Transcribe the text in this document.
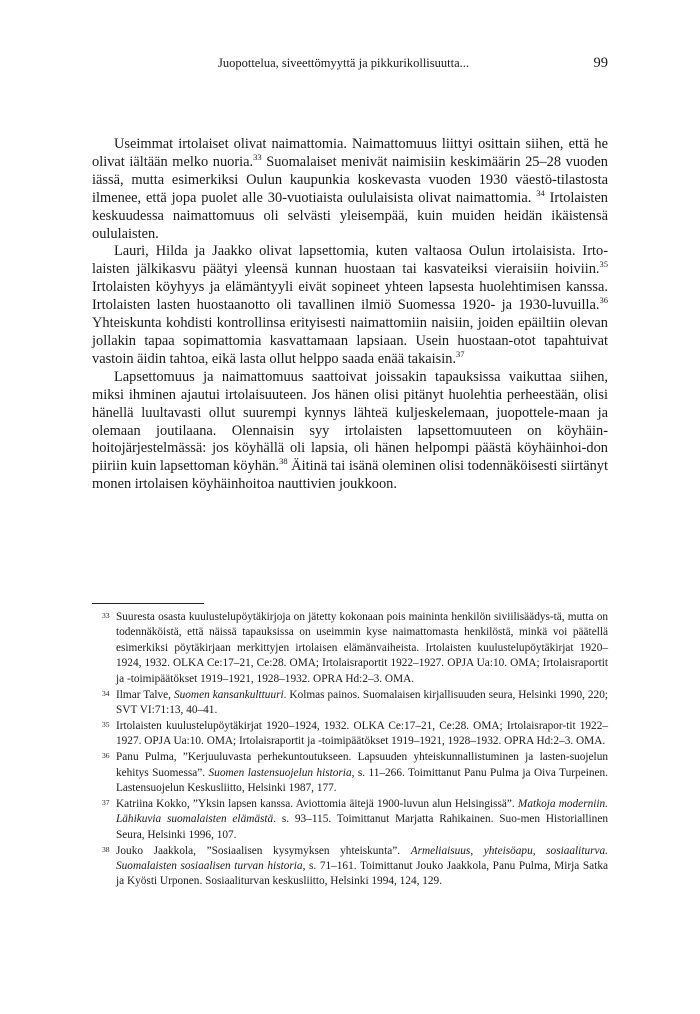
Juopottelua, siveettömyyttä ja pikkurikollisuutta...	99

Useimmat irtolaiset olivat naimattomia. Naimattomuus liittyi osittain siihen, että he olivat iältään melko nuoria.$^{33}$ Suomalaiset menivät naimisiin keskimäärin 25–28 vuoden iässä, mutta esimerkiksi Oulun kaupunkia koskevasta vuoden 1930 väestö-tilastosta ilmenee, että jopa puolet alle 30-vuotiaista oululaisista olivat naimattomia. $^{34}$ Irtolaisten keskuudessa naimattomuus oli selvästi yleisempää, kuin muiden heidän ikäistensä oululaisten.

Lauri, Hilda ja Jaakko olivat lapsettomia, kuten valtaosa Oulun irtolaisista. Irto-laisten jälkikasvu päätyi yleensä kunnan huostaan tai kasvateiksi vieraisiin hoiviin.$^{35}$ Irtolaisten köyhyys ja elämäntyyli eivät sopineet yhteen lapsesta huolehtimisen kanssa. Irtolaisten lasten huostaanotto oli tavallinen ilmiö Suomessa 1920- ja 1930-luvuilla.$^{36}$ Yhteiskunta kohdisti kontrollinsa erityisesti naimattomiin naisiin, joiden epäiltiin olevan jollakin tapaa sopimattomia kasvattamaan lapsiaan. Usein huostaan-otot tapahtuivat vastoin äidin tahtoa, eikä lasta ollut helppo saada enää takaisin.$^{37}$

Lapsettomuus ja naimattomuus saattoivat joissakin tapauksissa vaikuttaa siihen, miksi ihminen ajautui irtolaisuuteen. Jos hänen olisi pitänyt huolehtia perheestään, olisi hänellä luultavasti ollut suurempi kynnys lähteä kuljeskelemaan, juopottele-maan ja olemaan joutilaana. Olennaisin syy irtolaisten lapsettomuuteen on köyhäin-hoitojärjestelmässä: jos köyhällä oli lapsia, oli hänen helpompi päästä köyhäinhoi-don piiriin kuin lapsettoman köyhän.$^{38}$ Äitinä tai isänä oleminen olisi todennäköisesti siirtänyt monen irtolaisen köyhäinhoitoa nauttivien joukkoon.

33 Suuresta osasta kuulustelupöytäkirjoja on jätetty kokonaan pois maininta henkilön siviilisäädys-tä, mutta on todennäköistä, että näissä tapauksissa on useimmin kyse naimattomasta henkilöstä, minkä voi päätellä esimerkiksi pöytäkirjaan merkittyjen irtolaisen elämänvaiheista. Irtolaisten kuulustelupöytäkirjat 1920–1924, 1932. OLKA Ce:17–21, Ce:28. OMA; Irtolaisraportit 1922–1927. OPJA Ua:10. OMA; Irtolaisraportit ja -toimipäätökset 1919–1921, 1928–1932. OPRA Hd:2–3. OMA.
34 Ilmar Talve, Suomen kansankulttuuri. Kolmas painos. Suomalaisen kirjallisuuden seura, Helsinki 1990, 220; SVT VI:71:13, 40–41.
35 Irtolaisten kuulustelupöytäkirjat 1920–1924, 1932. OLKA Ce:17–21, Ce:28. OMA; Irtolaisrapor-tit 1922–1927. OPJA Ua:10. OMA; Irtolaisraportit ja -toimipäätökset 1919–1921, 1928–1932. OPRA Hd:2–3. OMA.
36 Panu Pulma, ”Kerjuuluvasta perhekuntoutukseen. Lapsuuden yhteiskunnallistuminen ja lasten-suojelun kehitys Suomessa”. Suomen lastensuojelun historia, s. 11–266. Toimittanut Panu Pulma ja Oiva Turpeinen. Lastensuojelun Keskusliitto, Helsinki 1987, 177.
37 Katriina Kokko, ”Yksin lapsen kanssa. Aviottomia äitejä 1900-luvun alun Helsingissä”. Matkoja moderniin. Lähikuvia suomalaisten elämästä. s. 93–115. Toimittanut Marjatta Rahikainen. Suo-men Historiallinen Seura, Helsinki 1996, 107.
38 Jouko Jaakkola, ”Sosiaalisen kysymyksen yhteiskunta”. Armeliaisuus, yhteisöapu, sosiaaliturva. Suomalaisten sosiaalisen turvan historia, s. 71–161. Toimittanut Jouko Jaakkola, Panu Pulma, Mirja Satka ja Kyösti Urponen. Sosiaaliturvan keskusliitto, Helsinki 1994, 124, 129.
